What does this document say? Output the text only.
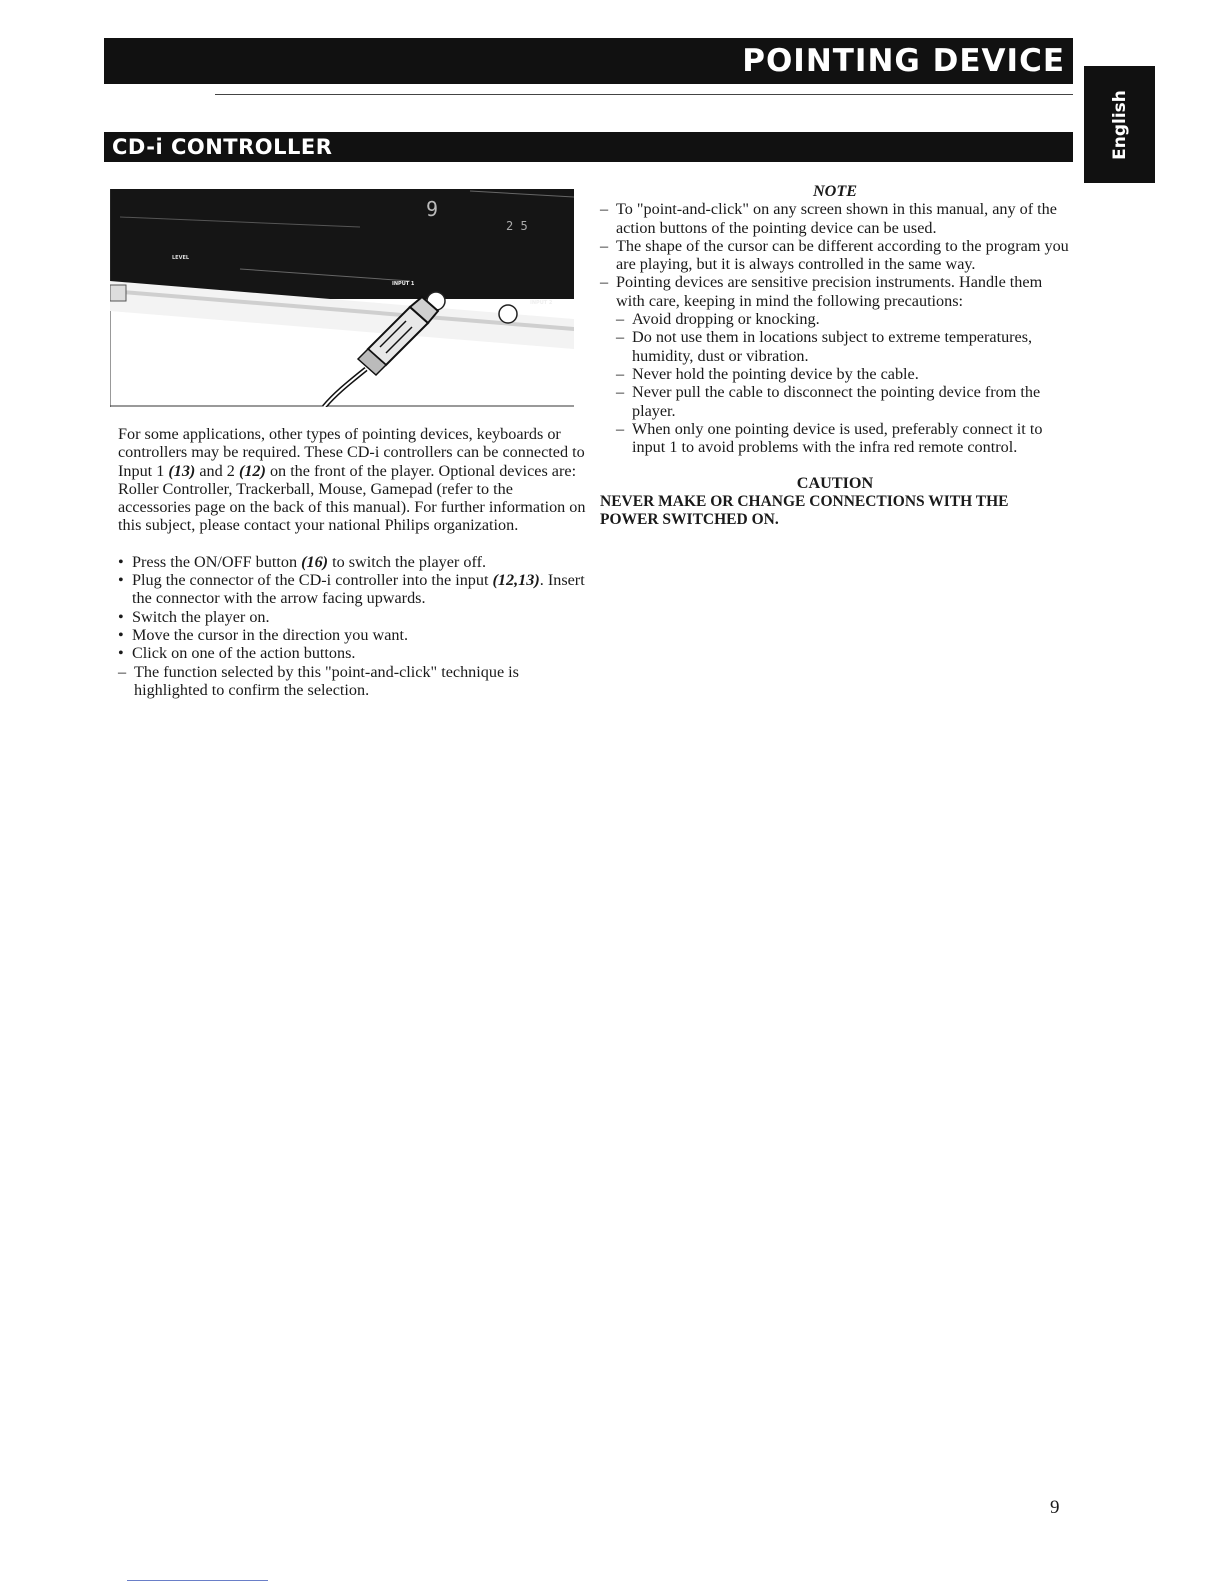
POINTING DEVICE
English
CD-i CONTROLLER
9
2 5
LEVEL
INPUT 1
INPUT 2

For some applications, other types of pointing devices, keyboards or controllers may be required. These CD-i controllers can be connected to Input 1 (13) and 2 (12) on the front of the player. Optional devices are: Roller Controller, Trackerball, Mouse, Gamepad (refer to the accessories page on the back of this manual). For further information on this subject, please contact your national Philips organization.

• Press the ON/OFF button (16) to switch the player off.
• Plug the connector of the CD-i controller into the input (12,13). Insert the connector with the arrow facing upwards.
• Switch the player on.
• Move the cursor in the direction you want.
• Click on one of the action buttons.
– The function selected by this "point-and-click" technique is highlighted to confirm the selection.

NOTE

– To "point-and-click" on any screen shown in this manual, any of the action buttons of the pointing device can be used.
– The shape of the cursor can be different according to the program you are playing, but it is always controlled in the same way.
– Pointing devices are sensitive precision instruments. Handle them with care, keeping in mind the following precautions:
– Avoid dropping or knocking.
– Do not use them in locations subject to extreme temperatures, humidity, dust or vibration.
– Never hold the pointing device by the cable.
– Never pull the cable to disconnect the pointing device from the player.
– When only one pointing device is used, preferably connect it to input 1 to avoid problems with the infra red remote control.

CAUTION

NEVER MAKE OR CHANGE CONNECTIONS WITH THE POWER SWITCHED ON.

9
